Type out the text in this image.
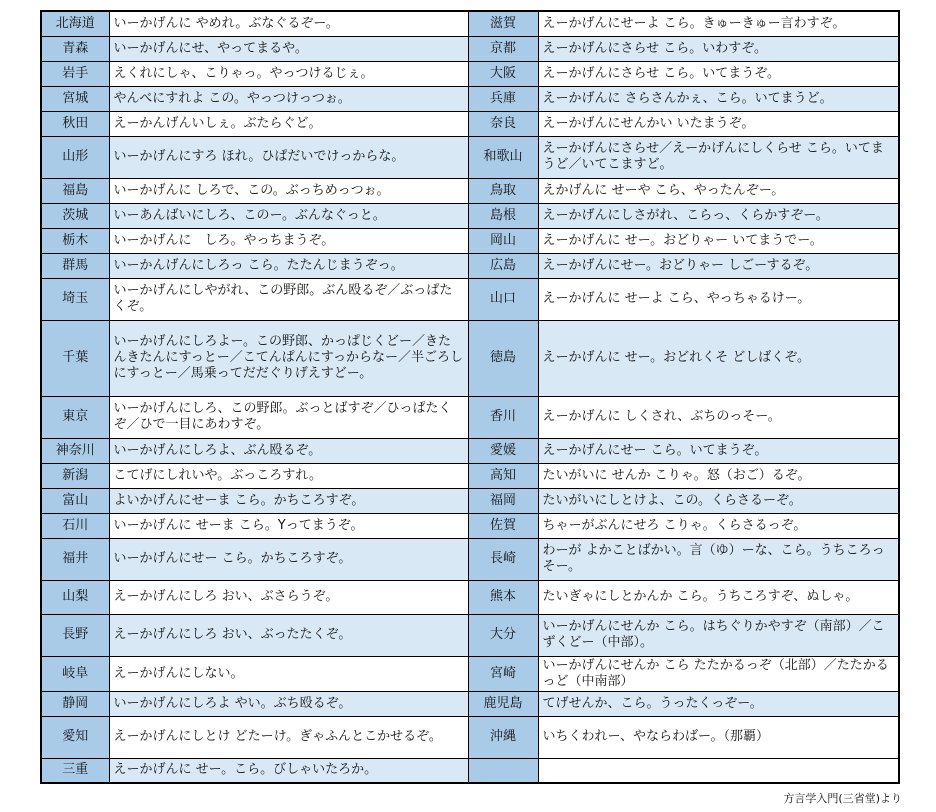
北海道	いーかげんに やめれ。ぶなぐるぞー。	滋賀	えーかげんにせーよ こら。きゅーきゅー言わすぞ。
青森	いーかげんにせ、やってまるや。	京都	えーかげんにさらせ こら。いわすぞ。
岩手	えくれにしゃ、こりゃっ。やっつけるじぇ。	大阪	えーかげんにさらせ こら。いてまうぞ。
宮城	やんべにすれよ この。やっつけっつぉ。	兵庫	えーかげんに さらさんかぇ、こら。いてまうど。
秋田	えーかんげんいしぇ。ぶたらぐど。	奈良	えーかげんにせんかい いたまうぞ。
山形	いーかげんにすろ ほれ。ひぱだいでけっからな。	和歌山	えーかげんにさらせ／えーかげんにしくらせ こら。いてまうど／いてこますど。
福島	いーかげんに しろで、この。ぶっちめっつぉ。	鳥取	えかげんに せーや こら、やったんぞー。
茨城	いーあんばいにしろ、このー。ぶんなぐっと。	島根	えーかげんにしさがれ、こらっ、くらかすぞー。
栃木	いーかげんに　しろ。やっちまうぞ。	岡山	えーかげんに せー。おどりゃー いてまうでー。
群馬	いーかんげんにしろっ こら。たたんじまうぞっ。	広島	えーかげんにせー。おどりゃー しごーするぞ。
埼玉	いーかげんにしやがれ、この野郎。ぶん殴るぞ／ぶっぱたくぞ。	山口	えーかげんに せーよ こら、やっちゃるけー。
千葉	いーかげんにしろよー。この野郎、かっぱじくどー／きたんきたんにすっとー／こてんぱんにすっからなー／半ごろしにすっとー／馬乗ってだだぐりげえすどー。	徳島	えーかげんに せー。おどれくそ どしばくぞ。
東京	いーかげんにしろ、この野郎。ぶっとばすぞ／ひっぱたくぞ／ひで一目にあわすぞ。	香川	えーかげんに しくされ、ぶちのっそー。
神奈川	いーかげんにしろよ、ぶん殴るぞ。	愛媛	えーかげんにせー こら。いてまうぞ。
新潟	こてげにしれいや。ぶっころすれ。	高知	たいがいに せんか こりゃ。怒（おご）るぞ。
富山	よいかげんにせーま こら。かちころすぞ。	福岡	たいがいにしとけよ、この。くらさるーぞ。
石川	いーかげんに せーま こら。Yってまうぞ。	佐賀	ちゃーがぶんにせろ こりゃ。くらさるっぞ。
福井	いーかげんにせー こら。かちころすぞ。	長崎	わーが よかことばかい。言（ゆ）ーな、こら。うちころっそー。
山梨	えーかげんにしろ おい、ぶさらうぞ。	熊本	たいぎゃにしとかんか こら。うちころすぞ、ぬしゃ。
長野	えーかげんにしろ おい、ぶったたくぞ。	大分	いーかげんにせんか こら。はちぐりかやすぞ（南部）／こずくどー（中部）。
岐阜	えーかげんにしない。	宮崎	いーかげんにせんか こら たたかるっぞ（北部）／たたかるっど（中南部）
静岡	いーかげんにしろよ やい。ぶち殴るぞ。	鹿児島	てげせんか、こら。うったくっぞー。
愛知	えーかげんにしとけ どたーけ。ぎゃふんとこかせるぞ。	沖縄	いちくわれー、やならわばー。（那覇）
三重	えーかげんに せー。こら。びしゃいたろか。		
方言学入門(三省堂)より
